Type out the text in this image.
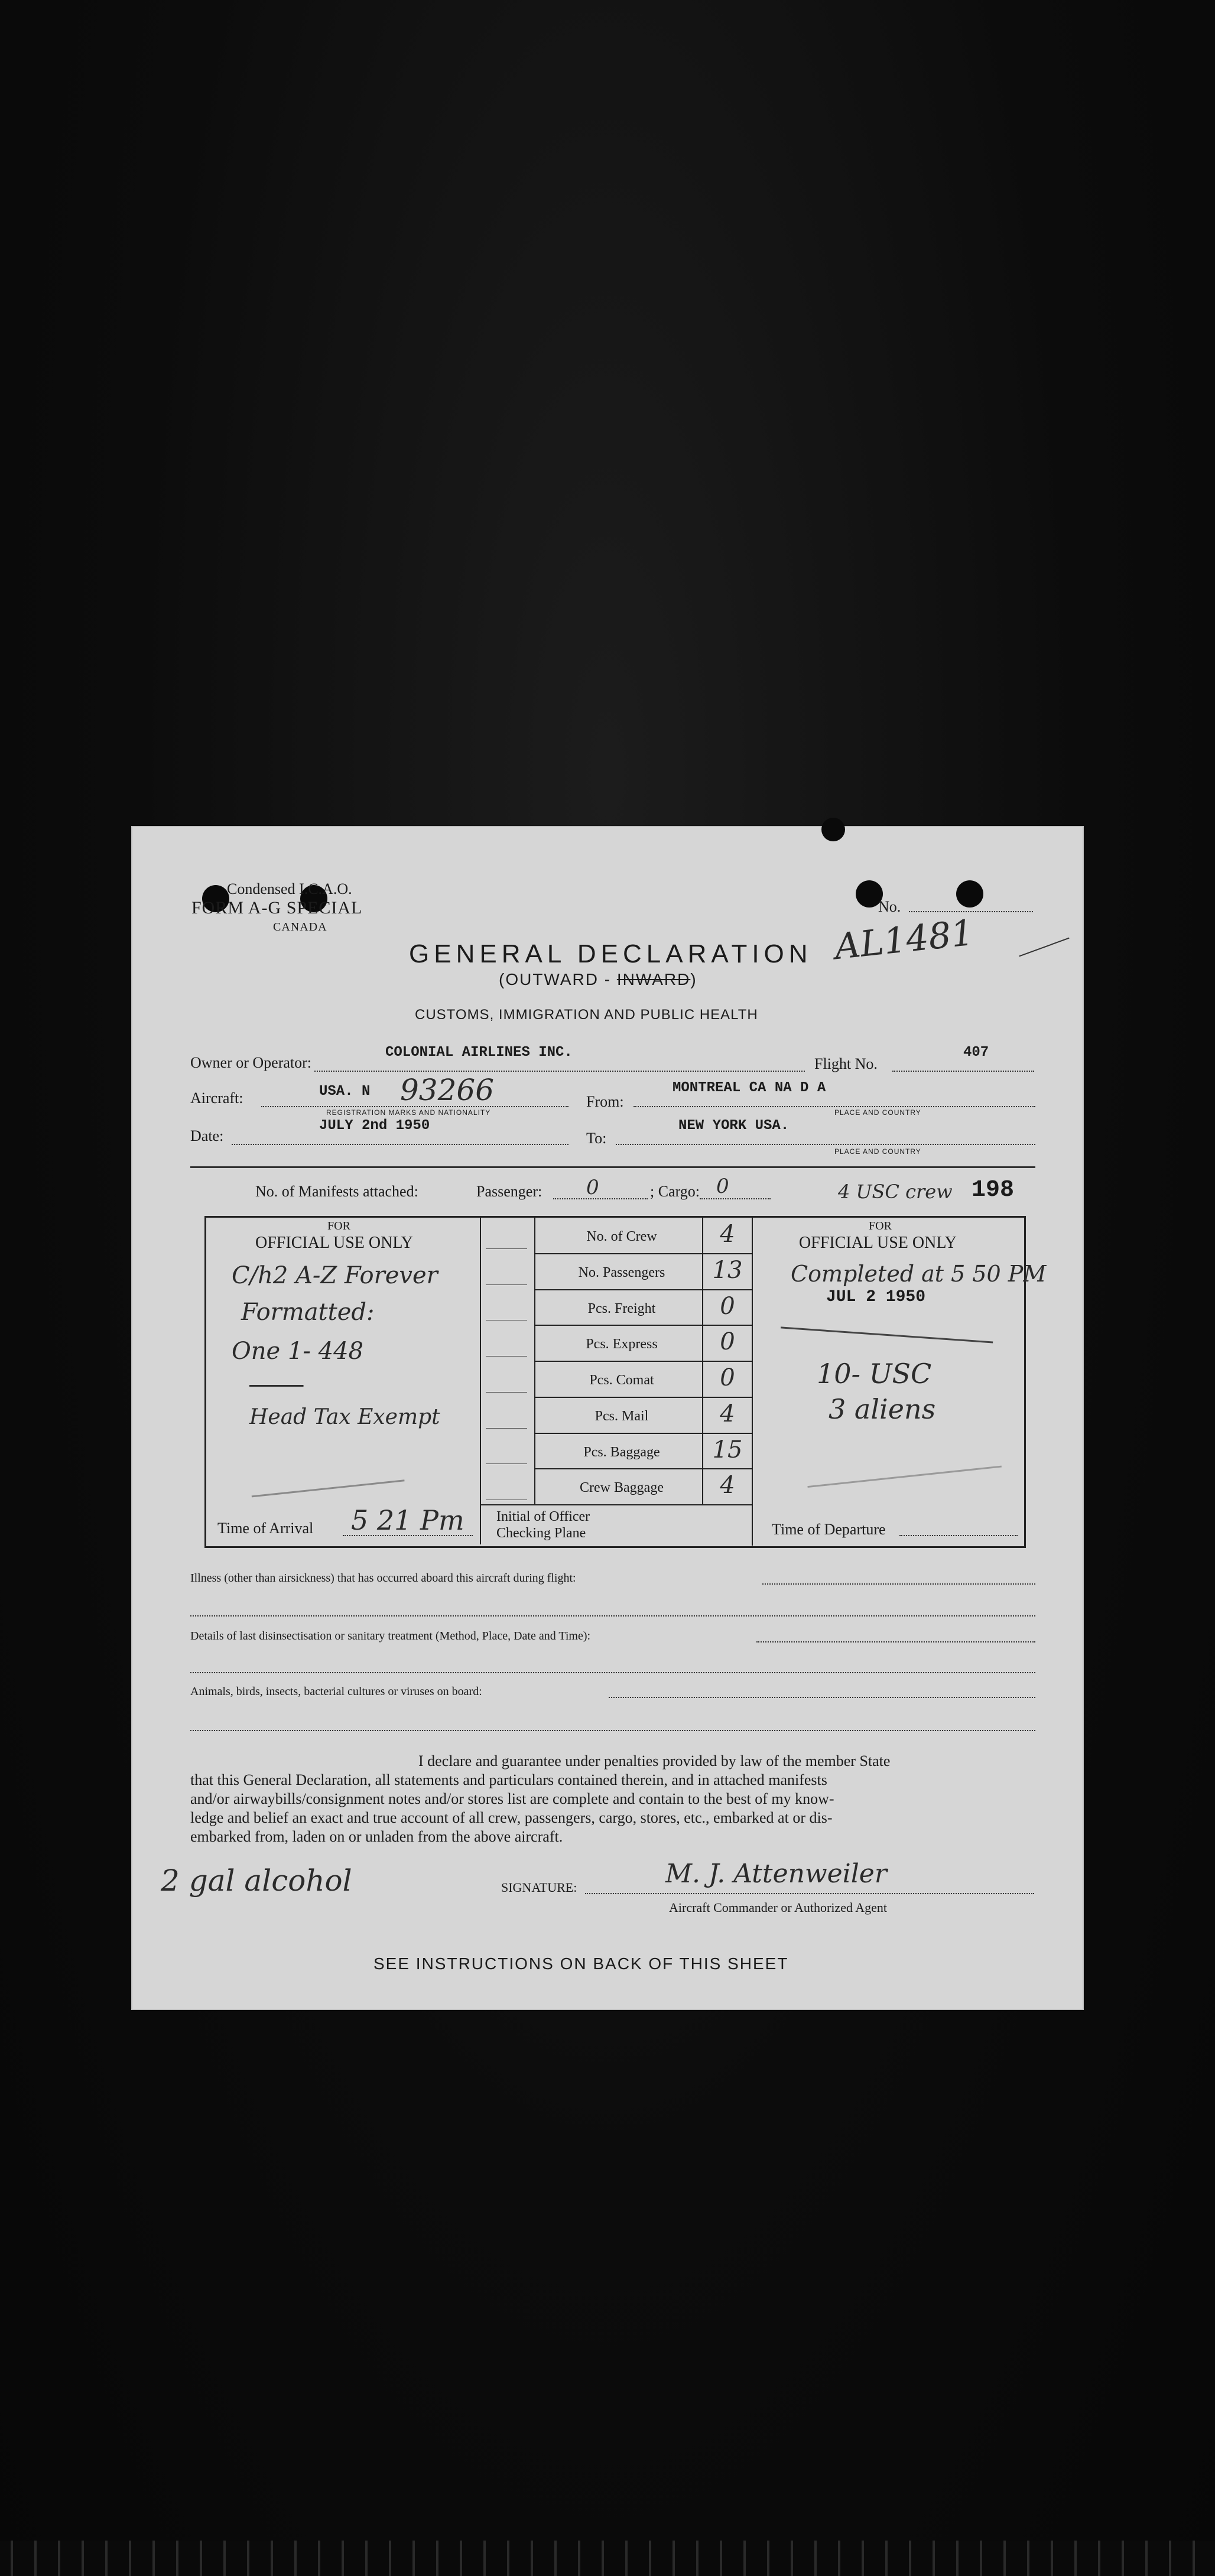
Condensed I.C.A.O.
FORM A-G SPECIAL
CANADA
No.
GENERAL DECLARATION AL1481
(OUTWARD - INWARD)
CUSTOMS, IMMIGRATION AND PUBLIC HEALTH
Owner or Operator:
COLONIAL AIRLINES INC.
Flight No.
407
Aircraft:	USA. N 93266
REGISTRATION MARKS AND NATIONALITY
From:
MONTREAL CA NA D A
PLACE AND COUNTRY
Date:
JULY 2nd 1950
To:
NEW YORK USA.
PLACE AND COUNTRY
No. of Manifests attached:	Passenger: 0	; Cargo: 0	4 USC crew 198
FOR
OFFICIAL USE ONLY
C/h2 A-Z Forever
Formatted:
One 1- 448

Head Tax Exempt
Time of Arrival 5 21 Pm
No. of Crew	4
No. Passengers	13
Pcs. Freight	0
Pcs. Express	0
Pcs. Comat	0
Pcs. Mail	4
Pcs. Baggage	15
Crew Baggage	4
Initial of Officer
Checking Plane
FOR
OFFICIAL USE ONLY
Completed at 5 50 PM
JUL 2 1950
10- USC
3 aliens
Time of Departure
Illness (other than airsickness) that has occurred aboard this aircraft during flight:
Details of last disinsectisation or sanitary treatment (Method, Place, Date and Time):
Animals, birds, insects, bacterial cultures or viruses on board:
I declare and guarantee under penalties provided by law of the member State
that this General Declaration, all statements and particulars contained therein, and in attached manifests
and/or airwaybills/consignment notes and/or stores list are complete and contain to the best of my know-
ledge and belief an exact and true account of all crew, passengers, cargo, stores, etc., embarked at or dis-
embarked from, laden on or unladen from the above aircraft.
2 gal alcohol	SIGNATURE:	M. J. Attenweiler
Aircraft Commander or Authorized Agent
SEE INSTRUCTIONS ON BACK OF THIS SHEET
